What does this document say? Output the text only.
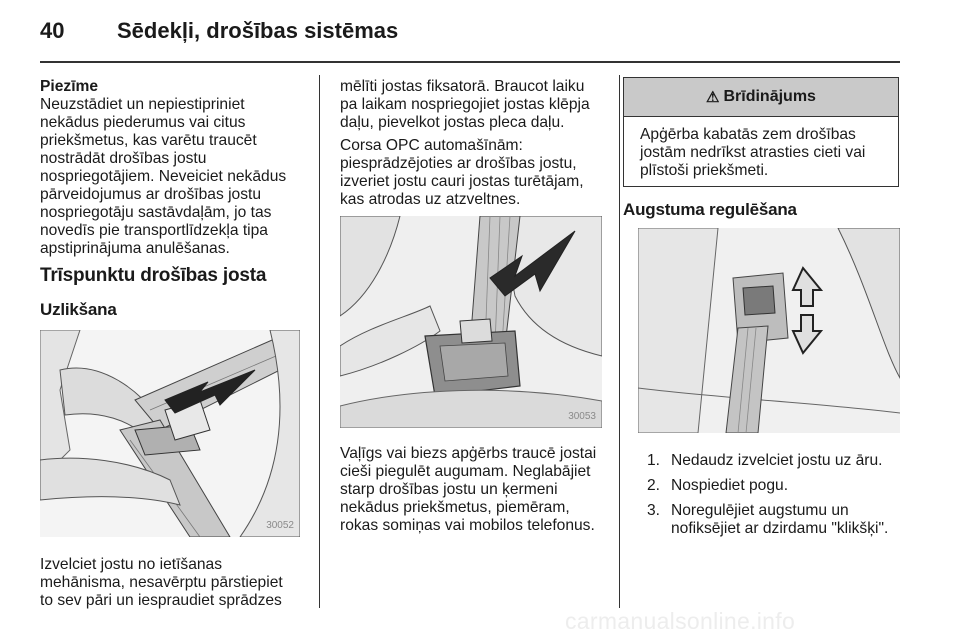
40 Sēdekļi, drošības sistēmas

Piezīme

Neuzstādiet un nepiestipriniet

nekādus piederumus vai citus

priekšmetus, kas varētu traucēt

nostrādāt drošības jostu

nospriegotājiem. Neveiciet nekādus

pārveidojumus ar drošības jostu

nospriegotāju sastāvdaļām, jo tas

novedīs pie transportlīdzekļa tipa

apstiprinājuma anulēšanas.

Trīspunktu drošības josta
Uzlikšana
30052

Izvelciet jostu no ietīšanas

mehānisma, nesavērptu pārstiepiet

to sev pāri un iespraudiet sprādzes

mēlīti jostas fiksatorā. Braucot laiku

pa laikam nospriegojiet jostas klēpja

daļu, pievelkot jostas pleca daļu.

Corsa OPC automašīnām:

piesprādzējoties ar drošības jostu,

izveriet jostu cauri jostas turētājam,

kas atrodas uz atzveltnes.

30053

Vaļīgs vai biezs apģērbs traucē jostai

cieši piegulēt augumam. Neglabājiet

starp drošības jostu un ķermeni

nekādus priekšmetus, piemēram,

rokas somiņas vai mobilos telefonus.

⚠ Brīdinājums
Apģērba kabatās zem drošības
jostām nedrīkst atrasties cieti vai
plīstoši priekšmeti.
Augstuma regulēšana
1. Nedaudz izvelciet jostu uz āru.
2. Nospiediet pogu.
3. Noregulējiet augstumu un
nofiksējiet ar dzirdamu "klikšķi".
carmanualsonline.info
